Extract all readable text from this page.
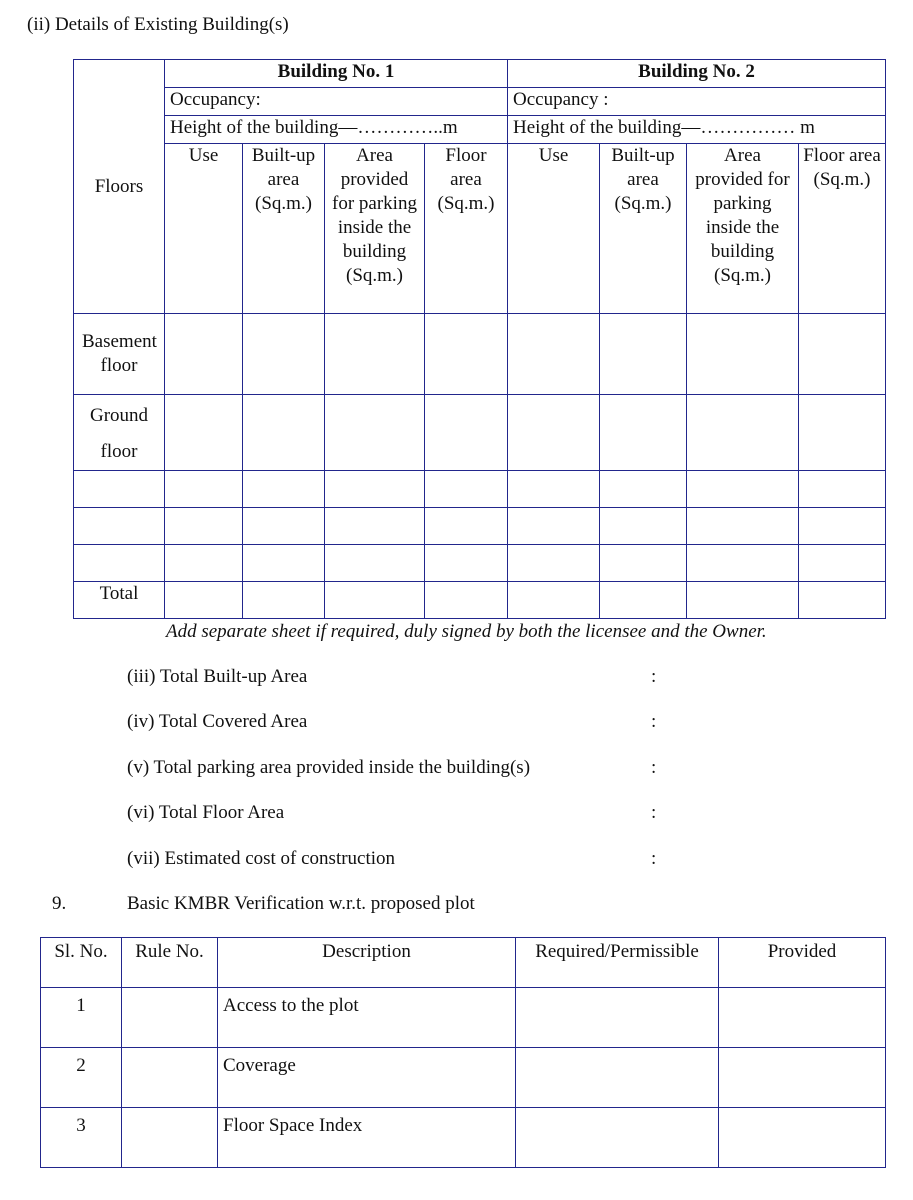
(ii) Details of Existing Building(s)
Floors	Building No. 1				Building No. 2			
	Occupancy:				Occupancy :			
	Height of the building—…………..m				Height of the building—…………… m			
	Use	Built-up area (Sq.m.)	Area provided for parking inside the building (Sq.m.)	Floor area (Sq.m.)	Use	Built-up area (Sq.m.)	Area provided for parking inside the building (Sq.m.)	Floor area (Sq.m.)
Basement floor								
Ground floor								

Total								
Add separate sheet if required, duly signed by both the licensee and the Owner.
(iii) Total Built-up Area	:
(iv) Total Covered Area	:
(v) Total parking area provided inside the building(s)	:
(vi) Total Floor Area	:
(vii) Estimated cost of construction	:
9.	Basic KMBR Verification w.r.t. proposed plot
Sl. No.	Rule No.	Description	Required/Permissible	Provided
1		Access to the plot		
2		Coverage		
3		Floor Space Index		
